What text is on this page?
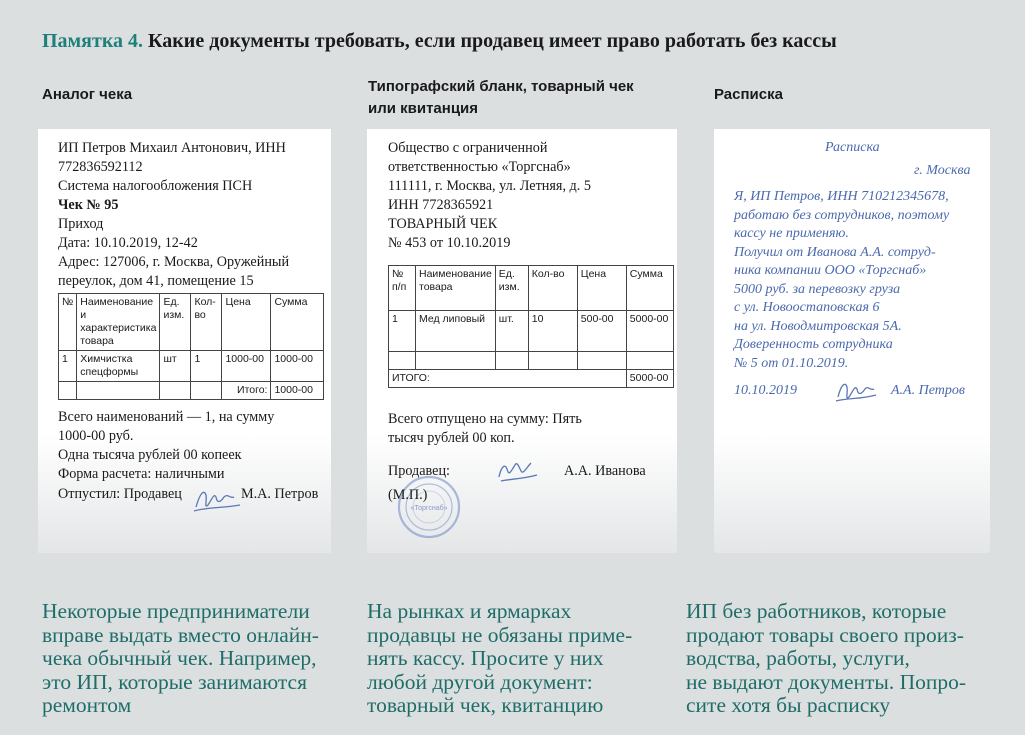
Памятка 4. Какие документы требовать, если продавец имеет право работать без кассы
Аналог чека	Типографский бланк, товарный чек
или квитанция
Расписка
ИП Петров Михаил Антонович, ИНН
772836592112
Система налогообложения ПСН
Чек № 95
Приход
Дата: 10.10.2019, 12-42
Адрес: 127006, г. Москва, Оружейный
переулок, дом 41, помещение 15
№	Наименование и характеристика товара	Ед. изм.	Кол-во	Цена	Сумма
1	Химчистка спецформы	шт	1	1000-00	1000-00
				Итого:	1000-00
Всего наименований — 1, на сумму
1000-00 руб.
Одна тысяча рублей 00 копеек
Форма расчета: наличными
Отпустил: Продавец	М.А. Петров
Общество с ограниченной
ответственностью «Торгснаб»
111111, г. Москва, ул. Летняя, д. 5
ИНН 7728365921
ТОВАРНЫЙ ЧЕК
№ 453 от 10.10.2019
№ п/п	Наименование товара	Ед. изм.	Кол-во	Цена	Сумма
1	Мед липовый	шт.	10	500-00	5000-00

ИТОГО:					5000-00
Всего отпущено на сумму: Пять
тысяч рублей 00 коп.
«Торгснаб»
Продавец:	А.А. Иванова
(М.П.)
Расписка
г. Москва
Я, ИП Петров, ИНН 710212345678,
работаю без сотрудников, поэтому
кассу не применяю.
Получил от Иванова А.А. сотруд-
ника компании ООО «Торгснаб»
5000 руб. за перевозку груза
с ул. Новоостаповская 6
на ул. Новодмитровская 5А.
Доверенность сотрудника
№ 5 от 01.10.2019.
10.10.2019	А.А. Петров
Некоторые предприниматели
вправе выдать вместо онлайн-
чека обычный чек. Например,
это ИП, которые занимаются
ремонтом
На рынках и ярмарках
продавцы не обязаны приме-
нять кассу. Просите у них
любой другой документ:
товарный чек, квитанцию
ИП без работников, которые
продают товары своего произ-
водства, работы, услуги,
не выдают документы. Попро-
сите хотя бы расписку
